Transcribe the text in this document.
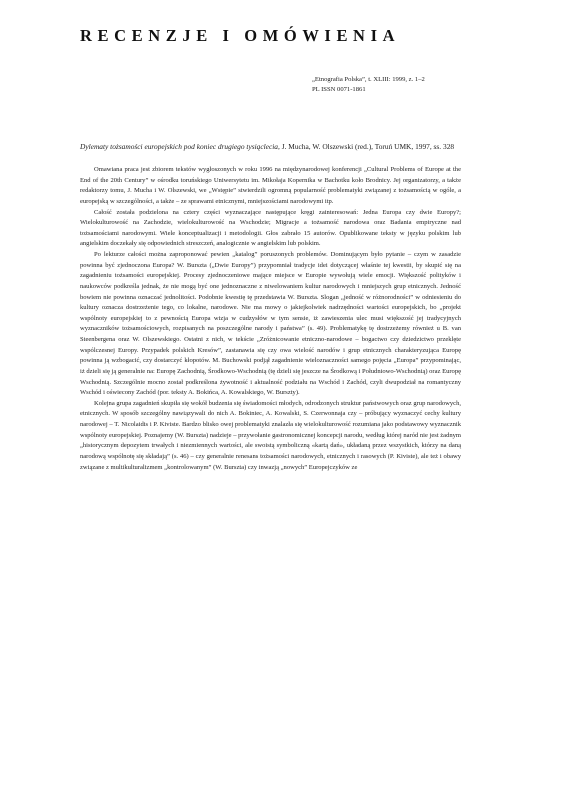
RECENZJE I OMÓWIENIA
„Etnografia Polska”, t. XLIII: 1999, z. 1–2
PL ISSN 0071-1861
Dylematy tożsamości europejskich pod koniec drugiego tysiąclecia, J. Mucha, W. Olszewski (red.), Toruń UMK, 1997, ss. 328

Omawiana praca jest zbiorem tekstów wygłoszonych w roku 1996 na międzynarodowej konferencji „Cultural Problems of Europe at the End of the 20th Century” w ośrodku toruńskiego Uniwersytetu im. Mikołaja Kopernika w Bachotku koło Brodnicy. Jej organizatorzy, a także redaktorzy tomu, J. Mucha i W. Olszewski, we „Wstępie” stwierdzili ogromną popularność problematyki związanej z tożsamością w ogóle, a europejską w szczególności, a także – ze sprawami etnicznymi, mniejszościami narodowymi itp.

Całość została podzielona na cztery części wyznaczające następujące kręgi zainteresowań: Jedna Europa czy dwie Europy?; Wielokulturowość na Zachodzie, wielokulturowość na Wschodzie; Migracje a tożsamość narodowa oraz Badania empiryczne nad tożsamościami narodowymi. Wiele konceptualizacji i metodologii. Głos zabrało 15 autorów. Opublikowane teksty w języku polskim lub angielskim doczekały się odpowiednich streszczeń, analogicznie w angielskim lub polskim.

Po lekturze całości można zaproponować pewien „katalog” poruszonych problemów. Dominującym było pytanie – czym w zasadzie powinna być zjednoczona Europa? W. Burszta („Dwie Europy”) przypomniał tradycje idei dotyczącej właśnie tej kwestii, by skupić się na zagadnieniu tożsamości europejskiej. Procesy zjednoczeniowe mające miejsce w Europie wywołują wiele emocji. Większość polityków i naukowców podkreśla jednak, że nie mogą być one jednoznaczne z niwelowaniem kultur narodowych i mniejszych grup etnicznych. Jedność bowiem nie powinna oznaczać jednolitości. Podobnie kwestię tę przedstawia W. Burszta. Slogan „jedność w różnorodności” w odniesieniu do kultury oznacza dostrzeżenie tego, co lokalne, narodowe. Nie ma mowy o jakiejkolwiek nadrzędności wartości europejskich, bo „projekt wspólnoty europejskiej to z pewnością Europa wizja w cudzysłów w tym sensie, iż zawieszenia ulec musi większość jej tradycyjnych wyznaczników tożsamościowych, rozpisanych na poszczególne narody i państwa” (s. 49). Problematykę tę dostrzeżemy również u B. van Steenbergena oraz W. Olszewskiego. Ostatni z nich, w tekście „Zróżnicowanie etniczno-narodowe – bogactwo czy dziedzictwo przeklęte wspólczesnej Europy. Przypadek polskich Kresów”, zastanawia się czy owa wielość narodów i grup etnicznych charakteryzująca Europę powinna ją wzbogacić, czy dostarczyć kłopotów. M. Buchowski podjął zagadnienie wieloznaczności samego pojęcia „Europa” przypominając, iż dzieli się ją generalnie na: Europę Zachodnią, Środkowo-Wschodnią (tę dzieli się jeszcze na Środkową i Południowo-Wschodnią) oraz Europę Wschodnią. Szczególnie mocno został podkreślona żywotność i aktualność podziału na Wschód i Zachód, czyli dwupodział na romantyczny Wschód i oświecony Zachód (por. teksty A. Bokińca, A. Kowalskiego, W. Burszty).

Kolejna grupa zagadnień skupiła się wokół budzenia się świadomości młodych, odrodzonych struktur państwowych oraz grup narodowych, etnicznych. W sposób szczególny nawiązywali do nich A. Bokiniec, A. Kowalski, S. Czerwonnaja czy – próbujący wyznaczyć cechy kultury narodowej – T. Nicolaidis i P. Kiviste. Bardzo blisko owej problematyki znalazła się wielokulturowość rozumiana jako podstawowy wyznacznik wspólnoty europejskiej. Poznajemy (W. Burszta) nadzieje – przywołanie gastronomicznej koncepcji narodu, według której naród nie jest żadnym „historycznym depozytem trwałych i niezmiennych wartości, ale swoistą symboliczną «kartą dań», układaną przez wszystkich, którzy na daną narodową wspólnotę się składają” (s. 46) – czy generalnie renesans tożsamości narodowych, etnicznych i rasowych (P. Kiviste), ale też i obawy związane z multikulturalizmem „kontrolowanym” (W. Burszta) czy inwazją „nowych” Europejczyków ze
